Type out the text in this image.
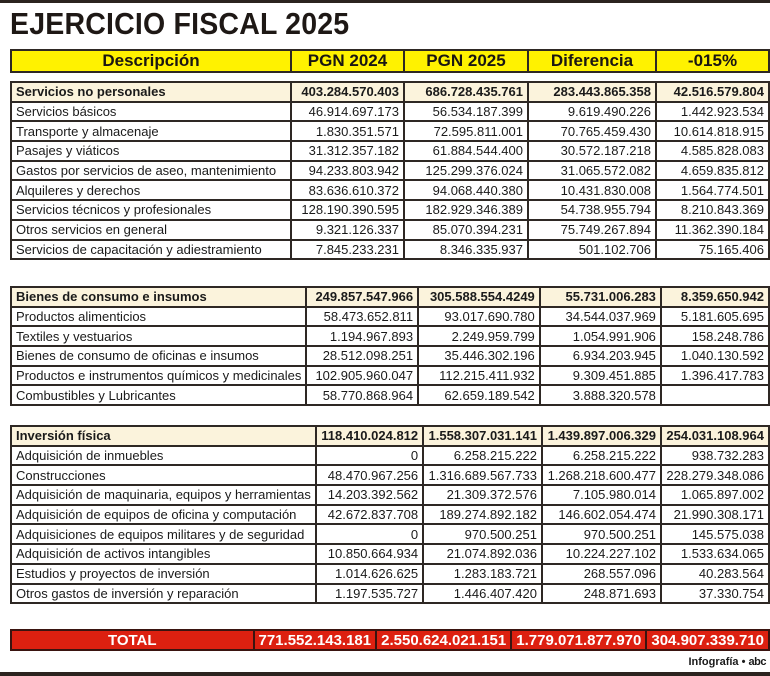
EJERCICIO FISCAL 2025
Descripción	PGN 2024	PGN 2025	Diferencia	-015%
Servicios no personales	403.284.570.403	686.728.435.761	283.443.865.358	42.516.579.804
Servicios básicos	46.914.697.173	56.534.187.399	9.619.490.226	1.442.923.534
Transporte y almacenaje	1.830.351.571	72.595.811.001	70.765.459.430	10.614.818.915
Pasajes y viáticos	31.312.357.182	61.884.544.400	30.572.187.218	4.585.828.083
Gastos por servicios de aseo, mantenimiento	94.233.803.942	125.299.376.024	31.065.572.082	4.659.835.812
Alquileres y derechos	83.636.610.372	94.068.440.380	10.431.830.008	1.564.774.501
Servicios técnicos y profesionales	128.190.390.595	182.929.346.389	54.738.955.794	8.210.843.369
Otros servicios en general	9.321.126.337	85.070.394.231	75.749.267.894	11.362.390.184
Servicios de capacitación y adiestramiento	7.845.233.231	8.346.335.937	501.102.706	75.165.406
Bienes de consumo e insumos	249.857.547.966	305.588.554.4249	55.731.006.283	8.359.650.942
Productos alimenticios	58.473.652.811	93.017.690.780	34.544.037.969	5.181.605.695
Textiles y vestuarios	1.194.967.893	2.249.959.799	1.054.991.906	158.248.786
Bienes de consumo de oficinas e insumos	28.512.098.251	35.446.302.196	6.934.203.945	1.040.130.592
Productos e instrumentos químicos y medicinales	102.905.960.047	112.215.411.932	9.309.451.885	1.396.417.783
Combustibles y Lubricantes	58.770.868.964	62.659.189.542	3.888.320.578	
Inversión física	118.410.024.812	1.558.307.031.141	1.439.897.006.329	254.031.108.964
Adquisición de inmuebles	0	6.258.215.222	6.258.215.222	938.732.283
Construcciones	48.470.967.256	1.316.689.567.733	1.268.218.600.477	228.279.348.086
Adquisición de maquinaria, equipos y herramientas	14.203.392.562	21.309.372.576	7.105.980.014	1.065.897.002
Adquisición de equipos de oficina y computación	42.672.837.708	189.274.892.182	146.602.054.474	21.990.308.171
Adquisiciones de equipos militares y de seguridad	0	970.500.251	970.500.251	145.575.038
Adquisición de activos intangibles	10.850.664.934	21.074.892.036	10.224.227.102	1.533.634.065
Estudios y proyectos de inversión	1.014.626.625	1.283.183.721	268.557.096	40.283.564
Otros gastos de inversión y reparación	1.197.535.727	1.446.407.420	248.871.693	37.330.754
TOTAL	771.552.143.181	2.550.624.021.151	1.779.071.877.970	304.907.339.710
Infografía • abc
